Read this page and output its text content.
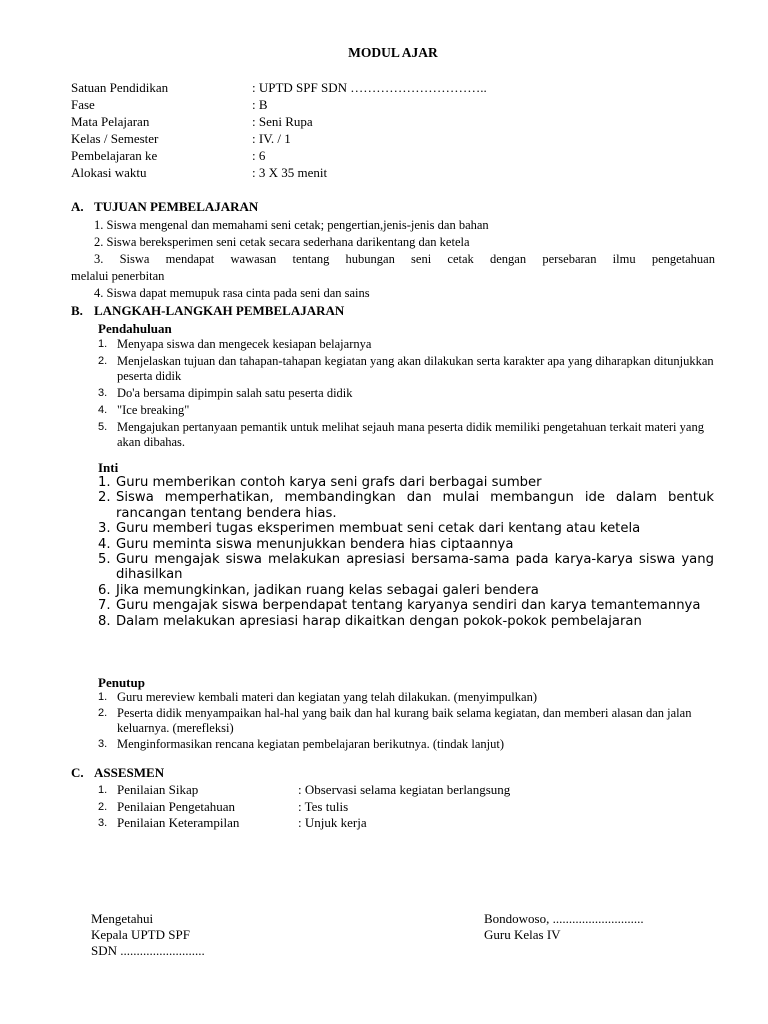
MODUL AJAR
Satuan Pendidikan	: UPTD SPF SDN …………………………..
Fase	: B
Mata Pelajaran	: Seni Rupa
Kelas / Semester	: IV. / 1
Pembelajaran ke	: 6
Alokasi waktu	: 3 X 35 menit
A. TUJUAN PEMBELAJARAN
1. Siswa mengenal dan memahami seni cetak; pengertian,jenis-jenis dan bahan
2. Siswa bereksperimen seni cetak secara sederhana darikentang dan ketela
3. Siswa mendapat wawasan tentang hubungan seni cetak dengan persebaran ilmu pengetahuan
melalui penerbitan
4. Siswa dapat memupuk rasa cinta pada seni dan sains
B. LANGKAH-LANGKAH PEMBELAJARAN
Pendahuluan
1. Menyapa siswa dan mengecek kesiapan belajarnya
2. Menjelaskan tujuan dan tahapan-tahapan kegiatan yang akan dilakukan serta karakter apa yang diharapkan ditunjukkan peserta didik
3. Do'a bersama dipimpin salah satu peserta didik
4. "Ice breaking"
5. Mengajukan pertanyaan pemantik untuk melihat sejauh mana peserta didik memiliki pengetahuan terkait materi yang akan dibahas.
Inti
1. Guru memberikan contoh karya seni grafs dari berbagai sumber
2. Siswa memperhatikan, membandingkan dan mulai membangun ide dalam bentuk rancangan tentang bendera hias.
3. Guru memberi tugas eksperimen membuat seni cetak dari kentang atau ketela
4. Guru meminta siswa menunjukkan bendera hias ciptaannya
5. Guru mengajak siswa melakukan apresiasi bersama-sama pada karya-karya siswa yang dihasilkan
6. Jika memungkinkan, jadikan ruang kelas sebagai galeri bendera
7. Guru mengajak siswa berpendapat tentang karyanya sendiri dan karya temantemannya
8. Dalam melakukan apresiasi harap dikaitkan dengan pokok-pokok pembelajaran
Penutup
1. Guru mereview kembali materi dan kegiatan yang telah dilakukan. (menyimpulkan)
2. Peserta didik menyampaikan hal-hal yang baik dan hal kurang baik selama kegiatan, dan memberi alasan dan jalan keluarnya. (merefleksi)
3. Menginformasikan rencana kegiatan pembelajaran berikutnya. (tindak lanjut)
C. ASSESMEN
1. Penilaian Sikap	: Observasi selama kegiatan berlangsung
2. Penilaian Pengetahuan	: Tes tulis
3. Penilaian Keterampilan	: Unjuk kerja
Mengetahui
Kepala UPTD SPF
SDN ..........................
Bondowoso, ............................
Guru Kelas IV
